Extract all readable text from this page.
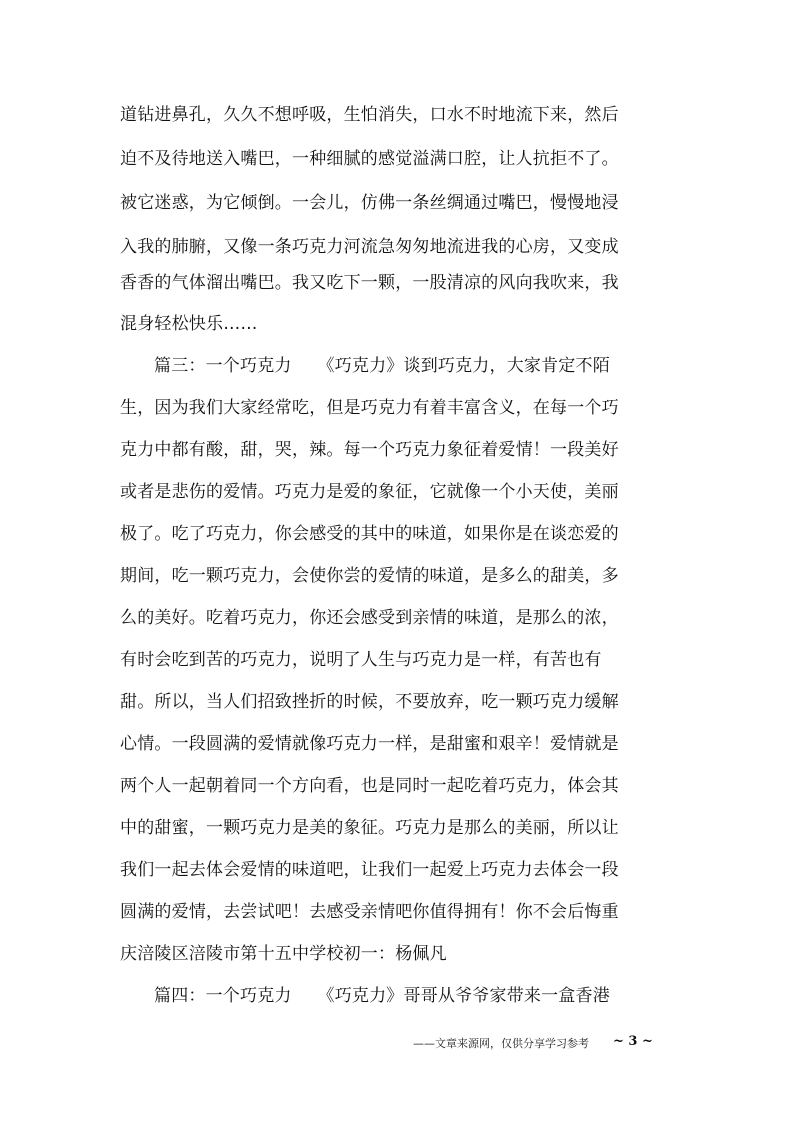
道钻进鼻孔，久久不想呼吸，生怕消失，口水不时地流下来，然后
迫不及待地送入嘴巴，一种细腻的感觉溢满口腔，让人抗拒不了。
被它迷惑，为它倾倒。一会儿，仿佛一条丝绸通过嘴巴，慢慢地浸
入我的肺腑，又像一条巧克力河流急匆匆地流进我的心房，又变成
香香的气体溜出嘴巴。我又吃下一颗，一股清凉的风向我吹来，我
混身轻松快乐……
篇三：一个巧克力　　《巧克力》谈到巧克力，大家肯定不陌
生，因为我们大家经常吃，但是巧克力有着丰富含义，在每一个巧
克力中都有酸，甜，哭，辣。每一个巧克力象征着爱情！一段美好
或者是悲伤的爱情。巧克力是爱的象征，它就像一个小天使，美丽
极了。吃了巧克力，你会感受的其中的味道，如果你是在谈恋爱的
期间，吃一颗巧克力，会使你尝的爱情的味道，是多么的甜美，多
么的美好。吃着巧克力，你还会感受到亲情的味道，是那么的浓，
有时会吃到苦的巧克力，说明了人生与巧克力是一样，有苦也有
甜。所以，当人们招致挫折的时候，不要放弃，吃一颗巧克力缓解
心情。一段圆满的爱情就像巧克力一样，是甜蜜和艰辛！爱情就是
两个人一起朝着同一个方向看，也是同时一起吃着巧克力，体会其
中的甜蜜，一颗巧克力是美的象征。巧克力是那么的美丽，所以让
我们一起去体会爱情的味道吧，让我们一起爱上巧克力去体会一段
圆满的爱情，去尝试吧！去感受亲情吧你值得拥有！你不会后悔重
庆涪陵区涪陵市第十五中学校初一：杨佩凡
篇四：一个巧克力　　《巧克力》哥哥从爷爷家带来一盒香港
——文章来源网，仅供分享学习参考 ~ 3 ~
